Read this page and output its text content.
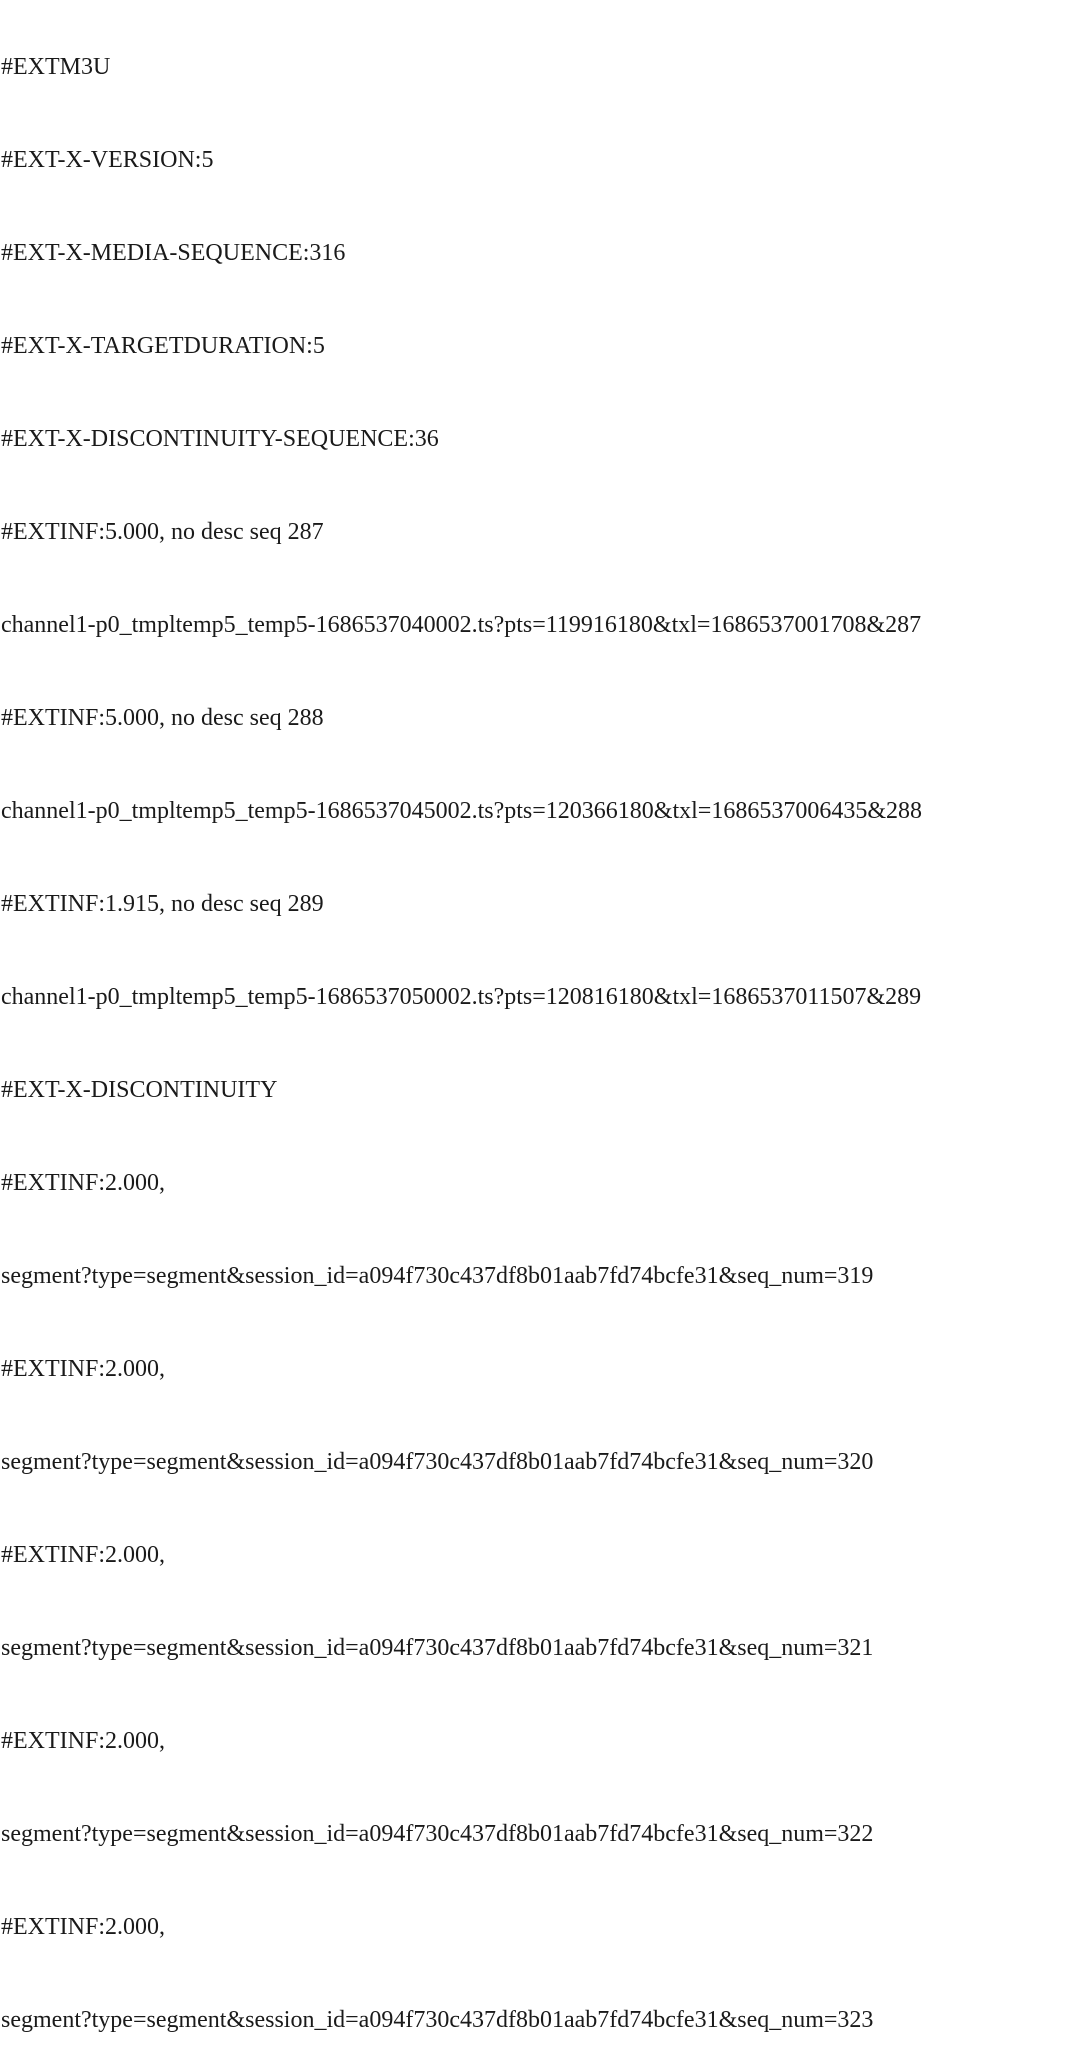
#EXTM3U

#EXT-X-VERSION:5

#EXT-X-MEDIA-SEQUENCE:316

#EXT-X-TARGETDURATION:5

#EXT-X-DISCONTINUITY-SEQUENCE:36

#EXTINF:5.000, no desc seq 287

channel1-p0_tmpltemp5_temp5-1686537040002.ts?pts=119916180&txl=1686537001708&287

#EXTINF:5.000, no desc seq 288

channel1-p0_tmpltemp5_temp5-1686537045002.ts?pts=120366180&txl=1686537006435&288

#EXTINF:1.915, no desc seq 289

channel1-p0_tmpltemp5_temp5-1686537050002.ts?pts=120816180&txl=1686537011507&289

#EXT-X-DISCONTINUITY

#EXTINF:2.000,

segment?type=segment&session_id=a094f730c437df8b01aab7fd74bcfe31&seq_num=319

#EXTINF:2.000,

segment?type=segment&session_id=a094f730c437df8b01aab7fd74bcfe31&seq_num=320

#EXTINF:2.000,

segment?type=segment&session_id=a094f730c437df8b01aab7fd74bcfe31&seq_num=321

#EXTINF:2.000,

segment?type=segment&session_id=a094f730c437df8b01aab7fd74bcfe31&seq_num=322

#EXTINF:2.000,

segment?type=segment&session_id=a094f730c437df8b01aab7fd74bcfe31&seq_num=323
